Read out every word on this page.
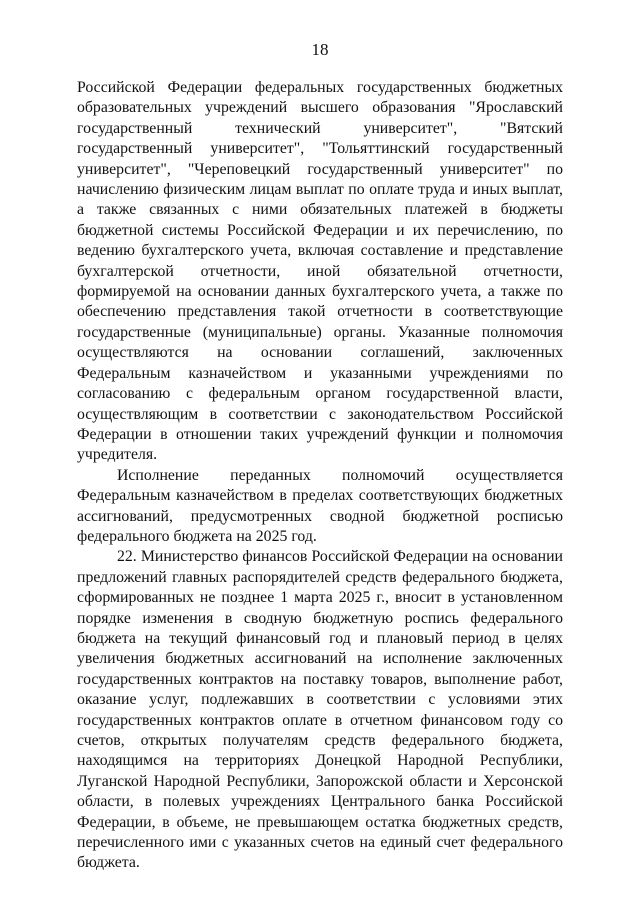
18

Российской Федерации федеральных государственных бюджетных образовательных учреждений высшего образования "Ярославский государственный технический университет", "Вятский государственный университет", "Тольяттинский государственный университет", "Череповецкий государственный университет" по начислению физическим лицам выплат по оплате труда и иных выплат, а также связанных с ними обязательных платежей в бюджеты бюджетной системы Российской Федерации и их перечислению, по ведению бухгалтерского учета, включая составление и представление бухгалтерской отчетности, иной обязательной отчетности, формируемой на основании данных бухгалтерского учета, а также по обеспечению представления такой отчетности в соответствующие государственные (муниципальные) органы. Указанные полномочия осуществляются на основании соглашений, заключенных Федеральным казначейством и указанными учреждениями по согласованию с федеральным органом государственной власти, осуществляющим в соответствии с законодательством Российской Федерации в отношении таких учреждений функции и полномочия учредителя.

Исполнение переданных полномочий осуществляется Федеральным казначейством в пределах соответствующих бюджетных ассигнований, предусмотренных сводной бюджетной росписью федерального бюджета на 2025 год.

22. Министерство финансов Российской Федерации на основании предложений главных распорядителей средств федерального бюджета, сформированных не позднее 1 марта 2025 г., вносит в установленном порядке изменения в сводную бюджетную роспись федерального бюджета на текущий финансовый год и плановый период в целях увеличения бюджетных ассигнований на исполнение заключенных государственных контрактов на поставку товаров, выполнение работ, оказание услуг, подлежавших в соответствии с условиями этих государственных контрактов оплате в отчетном финансовом году со счетов, открытых получателям средств федерального бюджета, находящимся на территориях Донецкой Народной Республики, Луганской Народной Республики, Запорожской области и Херсонской области, в полевых учреждениях Центрального банка Российской Федерации, в объеме, не превышающем остатка бюджетных средств, перечисленного ими с указанных счетов на единый счет федерального бюджета.
